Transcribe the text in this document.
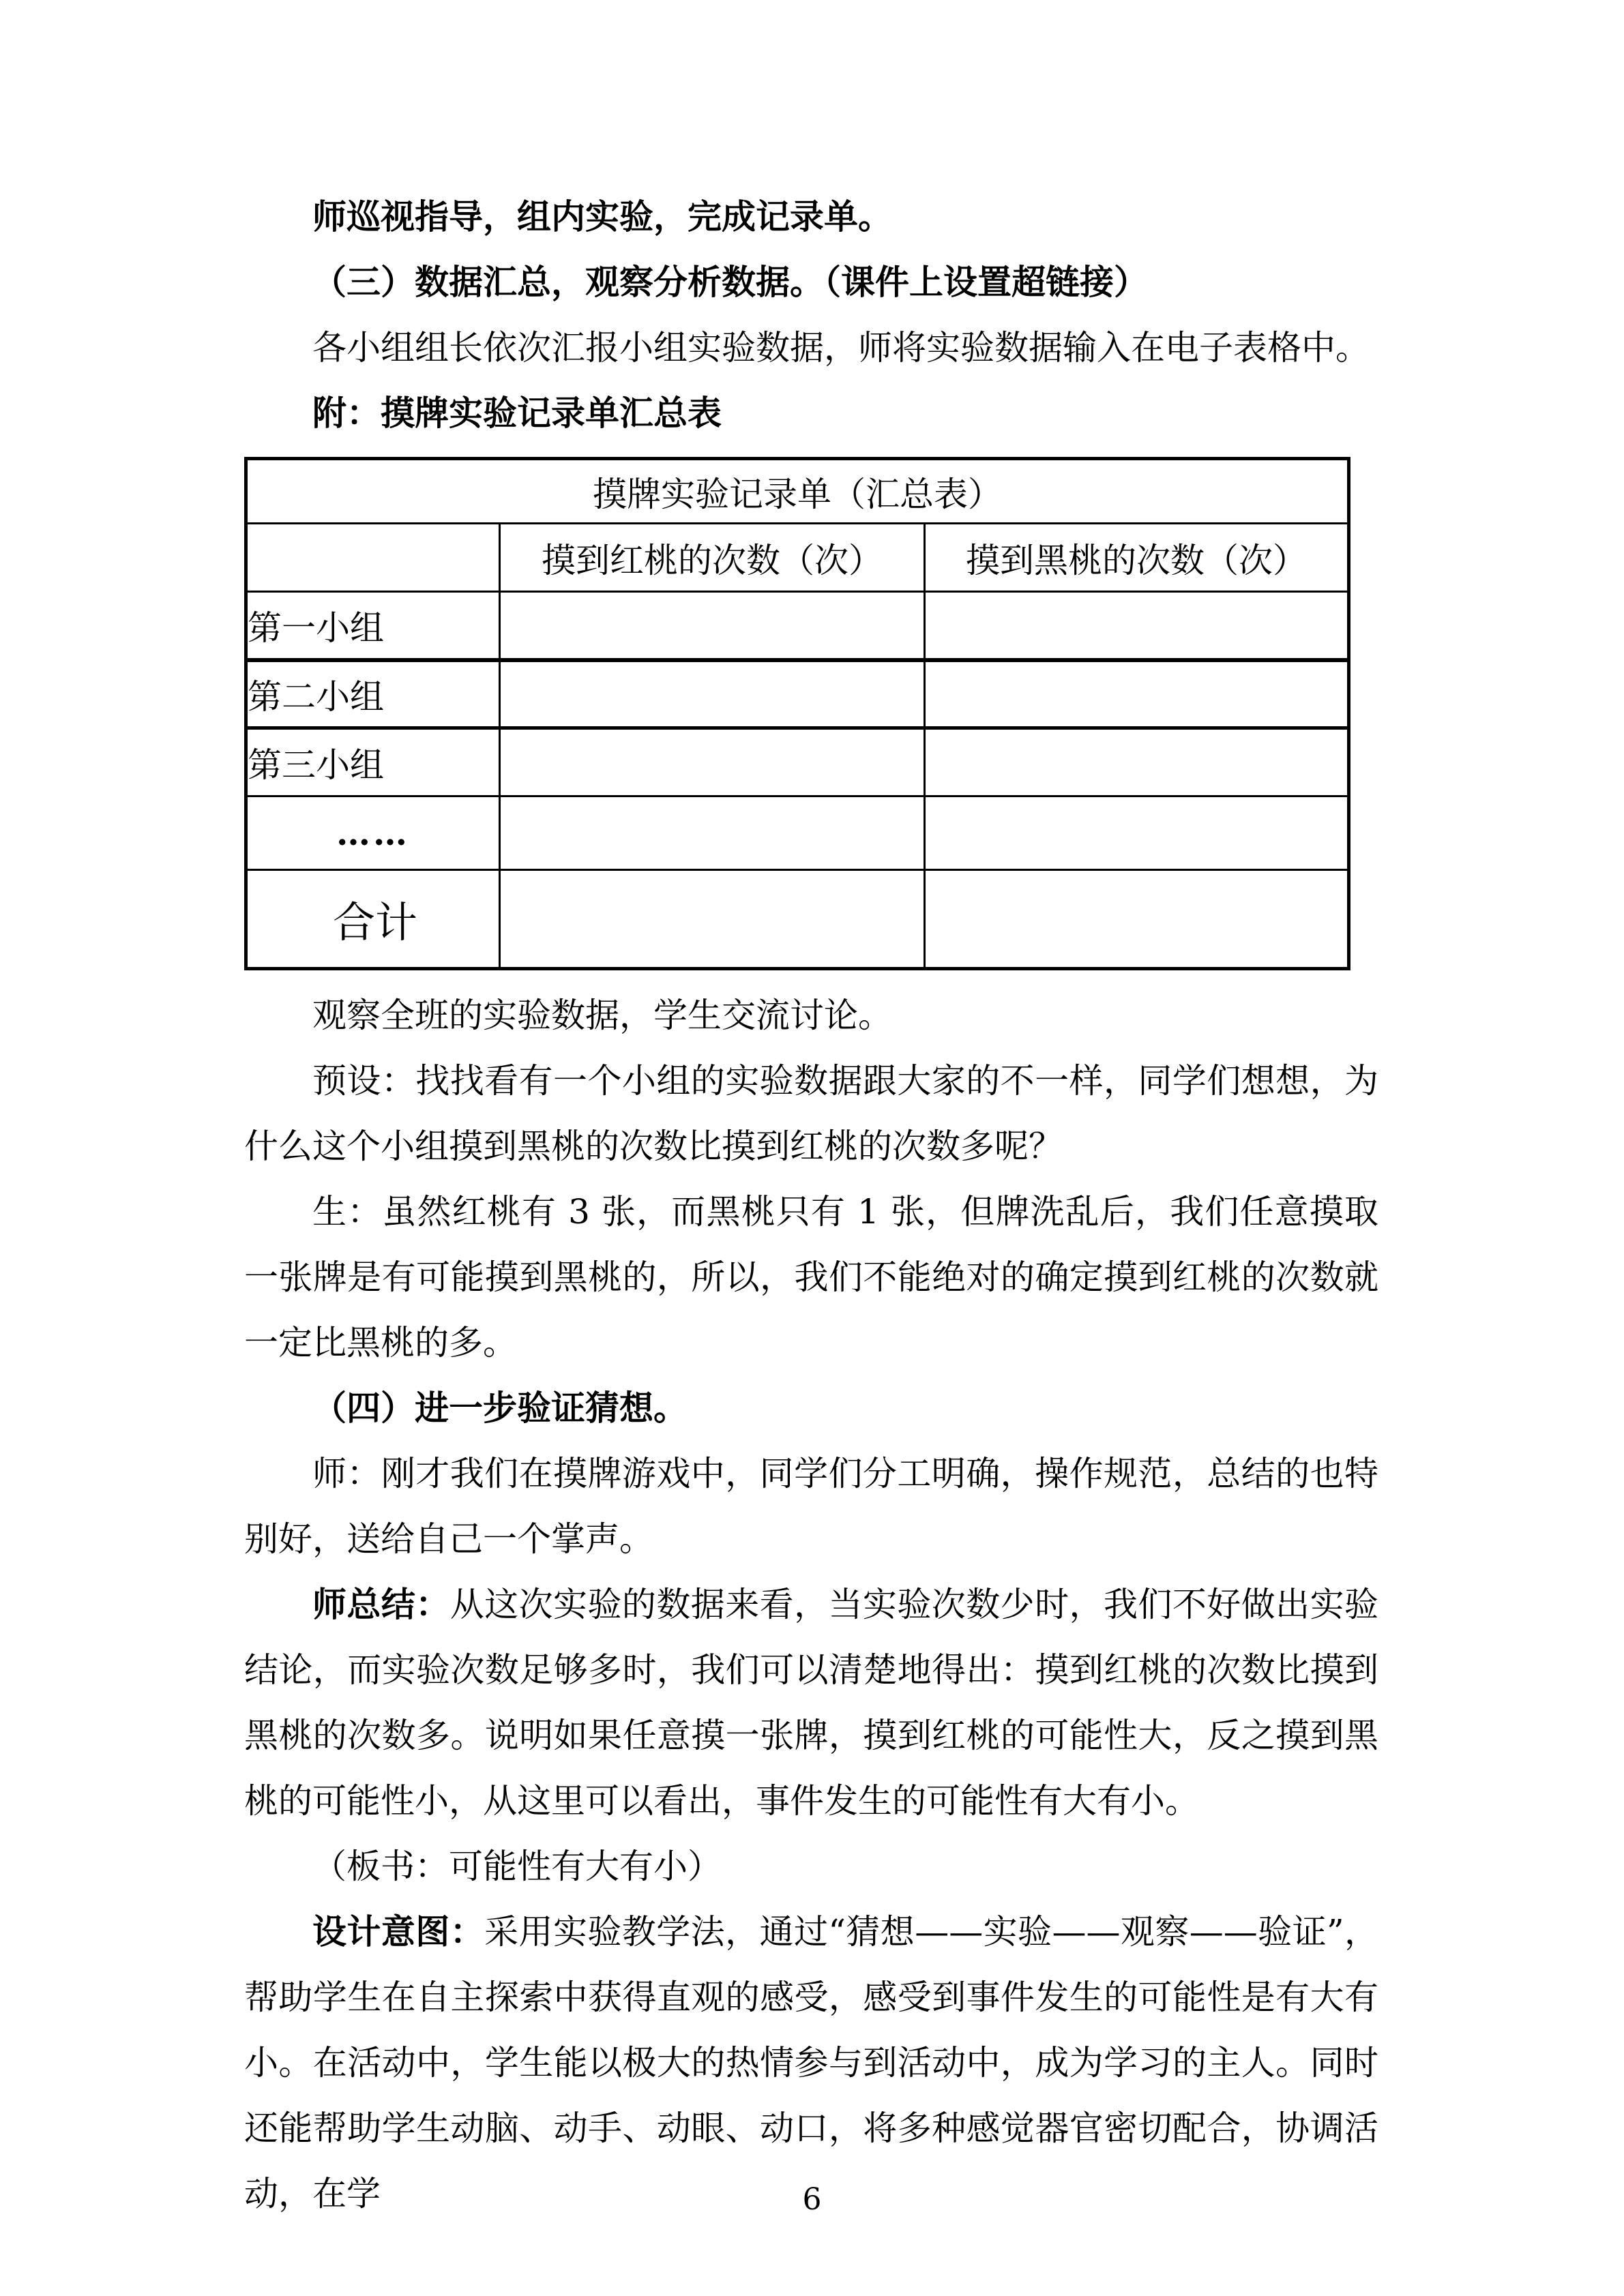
师巡视指导，组内实验，完成记录单。

（三）数据汇总，观察分析数据。（课件上设置超链接）

各小组组长依次汇报小组实验数据，师将实验数据输入在电子表格中。

附：摸牌实验记录单汇总表

摸牌实验记录单（汇总表）		
	摸到红桃的次数（次）	摸到黑桃的次数（次）
第一小组		
第二小组		
第三小组		
……		
合计		

观察全班的实验数据，学生交流讨论。

预设：找找看有一个小组的实验数据跟大家的不一样，同学们想想，为什么这个小组摸到黑桃的次数比摸到红桃的次数多呢？

生：虽然红桃有 3 张，而黑桃只有 1 张，但牌洗乱后，我们任意摸取一张牌是有可能摸到黑桃的，所以，我们不能绝对的确定摸到红桃的次数就一定比黑桃的多。

（四）进一步验证猜想。

师：刚才我们在摸牌游戏中，同学们分工明确，操作规范，总结的也特别好，送给自己一个掌声。

师总结：从这次实验的数据来看，当实验次数少时，我们不好做出实验结论，而实验次数足够多时，我们可以清楚地得出：摸到红桃的次数比摸到黑桃的次数多。说明如果任意摸一张牌，摸到红桃的可能性大，反之摸到黑桃的可能性小，从这里可以看出，事件发生的可能性有大有小。

（板书：可能性有大有小）

设计意图：采用实验教学法，通过“猜想——实验——观察——验证”，帮助学生在自主探索中获得直观的感受，感受到事件发生的可能性是有大有小。在活动中，学生能以极大的热情参与到活动中，成为学习的主人。同时还能帮助学生动脑、动手、动眼、动口，将多种感觉器官密切配合，协调活动，在学	6
